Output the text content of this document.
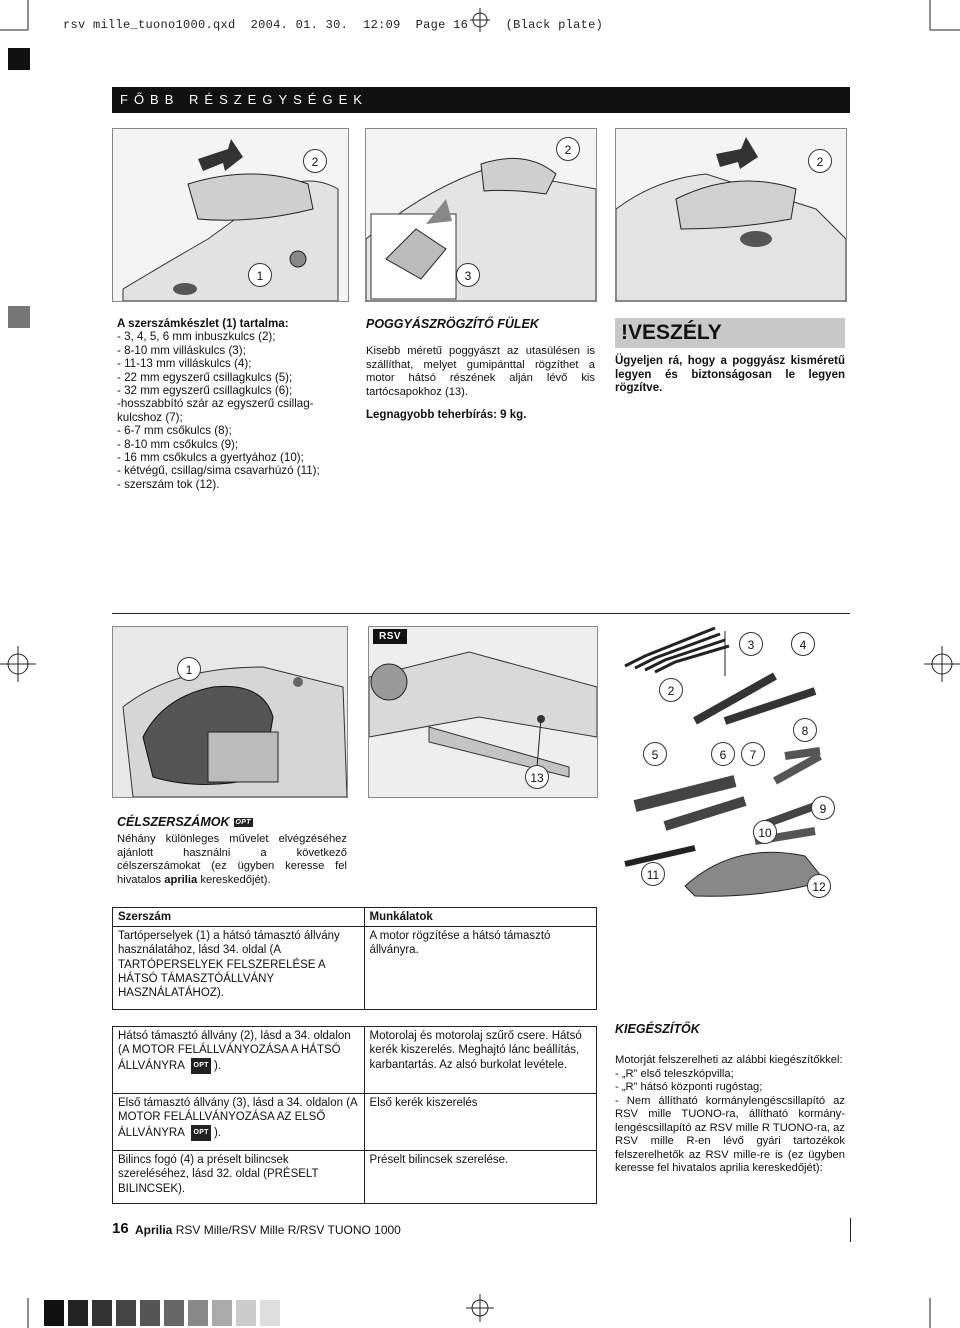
rsv mille_tuono1000.qxd 2004. 01. 30. 12:09 Page 16	(Black plate)

FŐBB RÉSZEGYSÉGEK
2
1
2
3
2
A szerszámkészlet (1) tartalma:
- 3, 4, 5, 6 mm inbuszkulcs (2);
- 8-10 mm villáskulcs (3);
- 11-13 mm villáskulcs (4);
- 22 mm egyszerű csillagkulcs (5);
- 32 mm egyszerű csillagkulcs (6);
-hosszabbító szár az egyszerű csillag-
kulcshoz (7);
- 6-7 mm csőkulcs (8);
- 8-10 mm csőkulcs (9);
- 16 mm csőkulcs a gyertyához (10);
- kétvégű, csillag/sima csavarhúzó (11);
- szerszám tok (12).
POGGYÁSZRÖGZÍTŐ FÜLEK
Kisebb méretű poggyászt az utasülésen is szállíthat, melyet gumipánttal rögzíthet a motor hátsó részének alján lévő kis tartócsapokhoz (13).
Legnagyobb teherbírás: 9 kg.
!VESZÉLY
Ügyeljen rá, hogy a poggyász kisméretű legyen és biztonságosan le legyen rögzítve.
1
RSV
13
3	4
2
8
5	6	7
9
10
11
12
CÉLSZERSZÁMOK OPT
Néhány különleges művelet elvégzéséhez ajánlott használni a következő célszerszámokat (ez ügyben keresse fel hivatalos aprilia kereskedőjét).
Szerszám	Munkálatok
Tartóperselyek (1) a hátsó támasztó állvány használatához, lásd 34. oldal (A TARTÓPERSELYEK FELSZERELÉSE A HÁTSÓ TÁMASZTÓÁLLVÁNY HASZNÁLATÁHOZ).	A motor rögzítése a hátsó támasztó állványra.

Hátsó támasztó állvány (2), lásd a 34. oldalon (A MOTOR FELÁLLVÁNYOZÁSA A HÁTSÓ ÁLLVÁNYRA OPT ).	Motorolaj és motorolaj szűrő csere. Hátsó kerék kiszerelés. Meghajtó lánc beállítás, karbantartás. Az alsó burkolat levétele.
Első támasztó állvány (3), lásd a 34. oldalon (A MOTOR FELÁLLVÁNYOZÁSA AZ ELSŐ ÁLLVÁNYRA OPT ).	Első kerék kiszerelés
Bilincs fogó (4) a préselt bilincsek szereléséhez, lásd 32. oldal (PRÉSELT BILINCSEK).	Préselt bilincsek szerelése.
KIEGÉSZÍTŐK
Motorját felszerelheti az alábbi kiegészítőkkel:
- „R” első teleszkópvilla;
- „R” hátsó központi rugóstag;
- Nem állítható kormánylengéscsillapító az RSV mille TUONO-ra, állítható kormány-lengéscsillapító az RSV mille R TUONO-ra, az RSV mille R-en lévő gyári tartozékok felszerelhetők az RSV mille-re is (ez ügyben keresse fel hivatalos aprilia kereskedőjét):
16 Aprilia RSV Mille/RSV Mille R/RSV TUONO 1000
